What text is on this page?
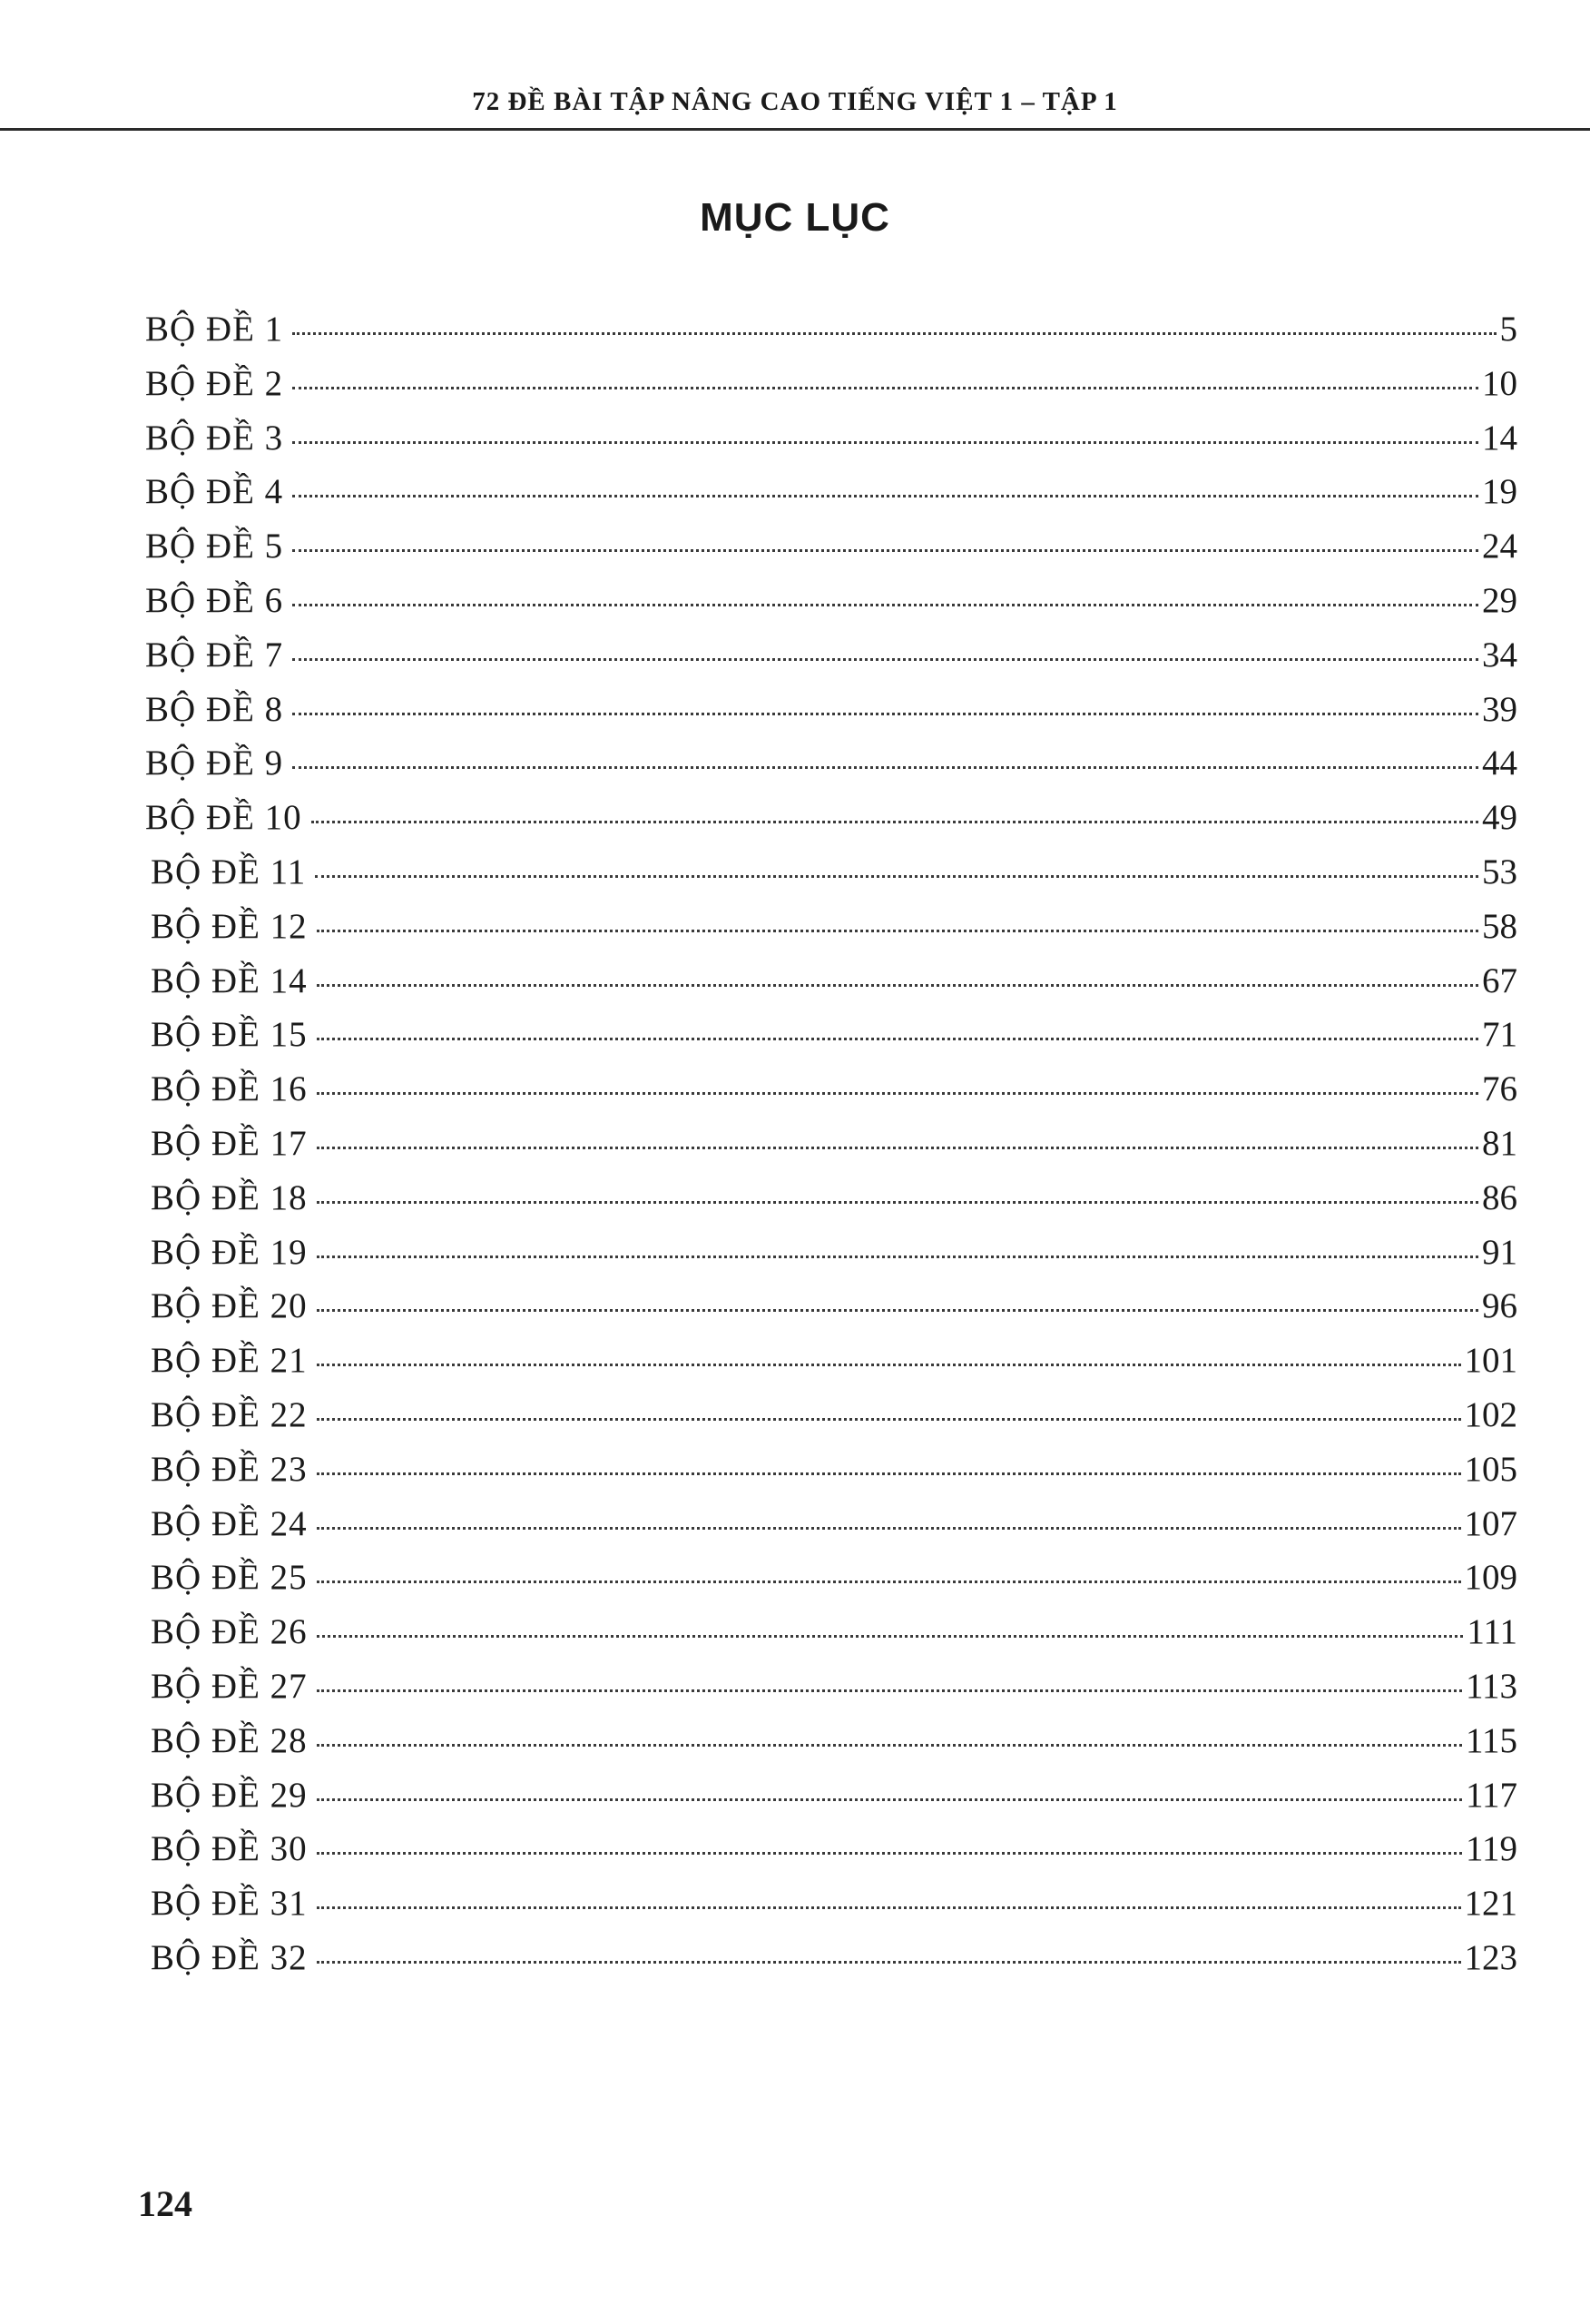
72 ĐỀ BÀI TẬP NÂNG CAO TIẾNG VIỆT 1 – TẬP 1
MỤC LỤC
BỘ ĐỀ 1	5
BỘ ĐỀ 2	10
BỘ ĐỀ 3	14
BỘ ĐỀ 4	19
BỘ ĐỀ 5	24
BỘ ĐỀ 6	29
BỘ ĐỀ 7	34
BỘ ĐỀ 8	39
BỘ ĐỀ 9	44
BỘ ĐỀ 10	49
BỘ ĐỀ 11	53
BỘ ĐỀ 12	58
BỘ ĐỀ 14	67
BỘ ĐỀ 15	71
BỘ ĐỀ 16	76
BỘ ĐỀ 17	81
BỘ ĐỀ 18	86
BỘ ĐỀ 19	91
BỘ ĐỀ 20	96
BỘ ĐỀ 21	101
BỘ ĐỀ 22	102
BỘ ĐỀ 23	105
BỘ ĐỀ 24	107
BỘ ĐỀ 25	109
BỘ ĐỀ 26	111
BỘ ĐỀ 27	113
BỘ ĐỀ 28	115
BỘ ĐỀ 29	117
BỘ ĐỀ 30	119
BỘ ĐỀ 31	121
BỘ ĐỀ 32	123
124
